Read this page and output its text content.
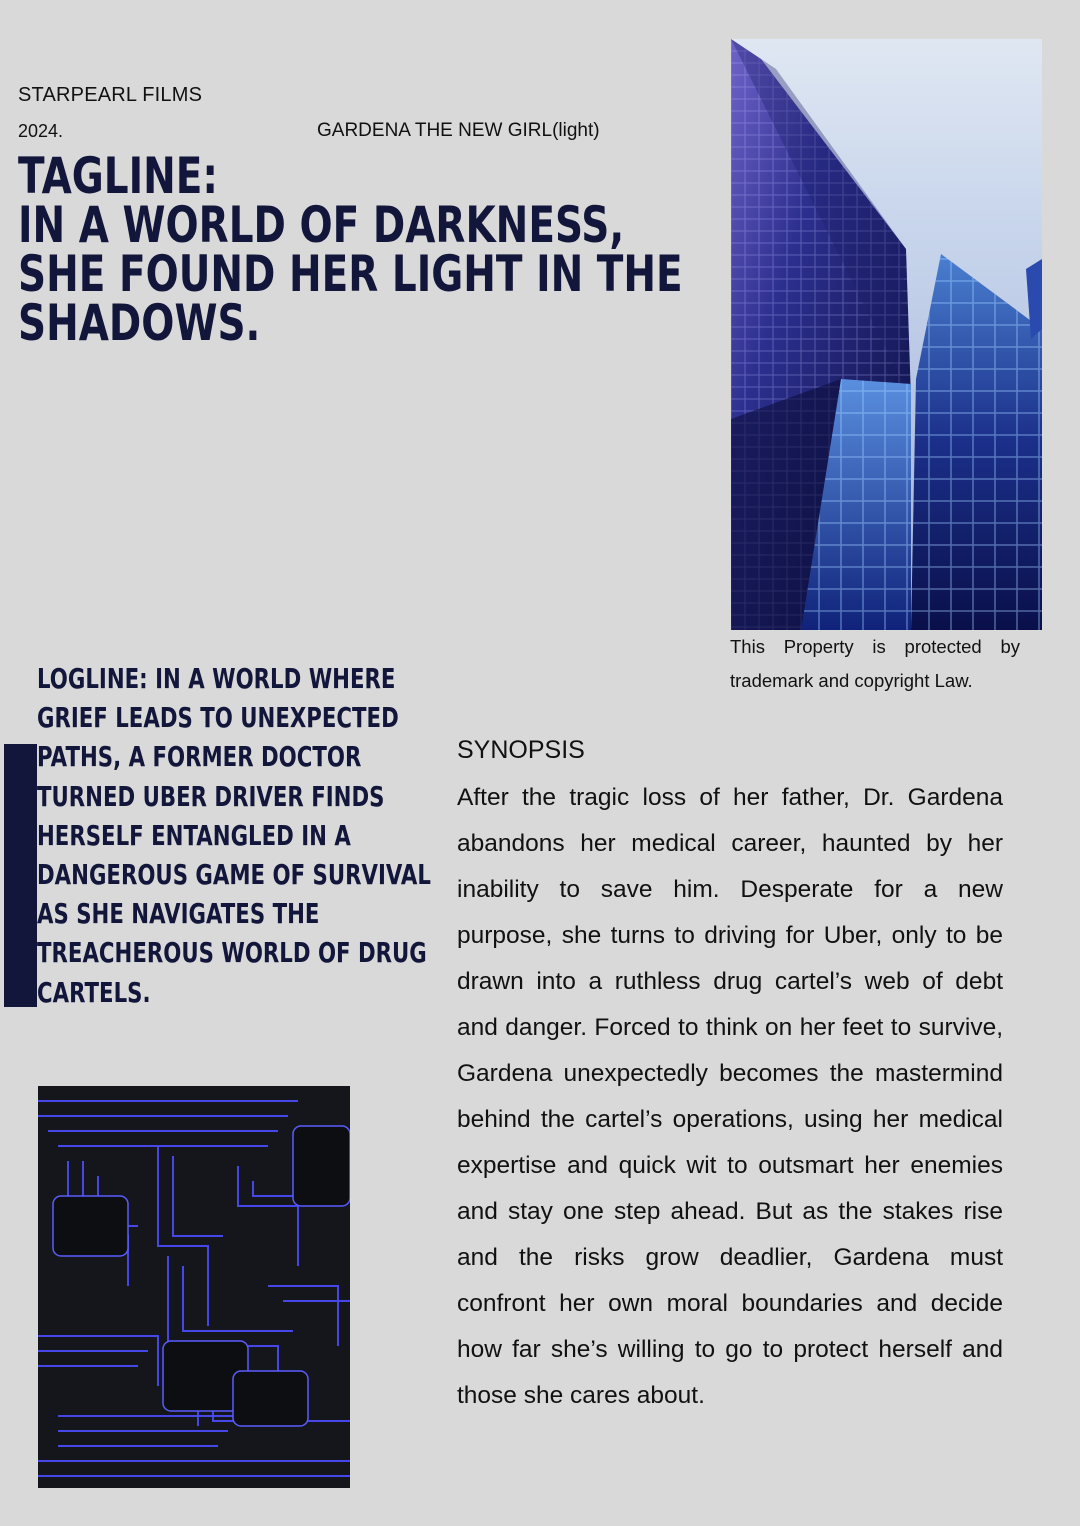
STARPEARL FILMS
2024.	GARDENA THE NEW GIRL(light)
TAGLINE:
IN A WORLD OF DARKNESS,
SHE FOUND HER LIGHT IN THE
SHADOWS.
This Property is protected by trademark and copyright Law.
LOGLINE: IN A WORLD WHERE
GRIEF LEADS TO UNEXPECTED
PATHS, A FORMER DOCTOR
TURNED UBER DRIVER FINDS
HERSELF ENTANGLED IN A
DANGEROUS GAME OF SURVIVAL
AS SHE NAVIGATES THE
TREACHEROUS WORLD OF DRUG
CARTELS.
SYNOPSIS
After the tragic loss of her father, Dr. Gardena abandons her medical career, haunted by her inability to save him. Desperate for a new purpose, she turns to driving for Uber, only to be drawn into a ruthless drug cartel’s web of debt and danger. Forced to think on her feet to survive, Gardena unexpectedly becomes the mastermind behind the cartel’s operations, using her medical expertise and quick wit to outsmart her enemies and stay one step ahead. But as the stakes rise and the risks grow deadlier, Gardena must confront her own moral boundaries and decide how far she’s willing to go to protect herself and those she cares about.
